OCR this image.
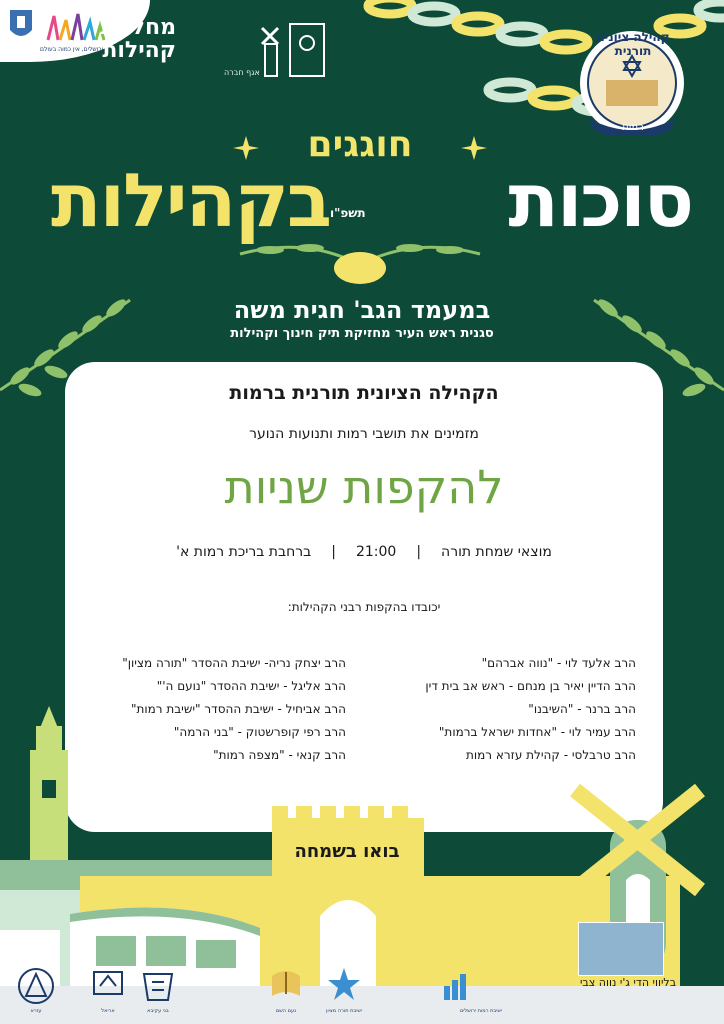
ירושלים, אין כמוה בעולם
מחלקת
קהילות
אגף חברה
קהילה ציונית תורנית
רמות
חוגגים
סוכות
תשפ"ו
בקהילות
במעמד הגב' חגית משה
סגנית ראש העיר מחזיקת תיק חינוך וקהילות
הקהילה הציונית תורנית ברמות
מזמינים את תושבי רמות ותנועות הנוער
להקפות שניות
מוצאי שמחת תורה
|
21:00
|
ברחבת בריכת רמות א'
יכובדו בהקפות רבני הקהילות:
הרב אלעד לוי - "נווה אברהם"
הרב הדיין יאיר בן מנחם - ראש אב בית דין
הרב ברנר - "השיבנו"
הרב עמיר לוי - "אחדות ישראל ברמות"
הרב טרבלסי - קהילת עזרא רמות
הרב יצחק נריה- ישיבת ההסדר "תורה מציון"
הרב אליגל - ישיבת ההסדר "נועם ה'"
הרב אביחיל - ישיבת ההסדר "ישיבת רמות"
הרב רפי קופרשטוק - "בני הרמה"
הרב קנאי - "מצפה רמות"
בואו בשמחה
בליווי הדי ג'י נווה צבי
עזרא	אריאל	בני עקיבא	נעם השם	ישיבת תורה מציון	ישיבת רמות ירושלים
